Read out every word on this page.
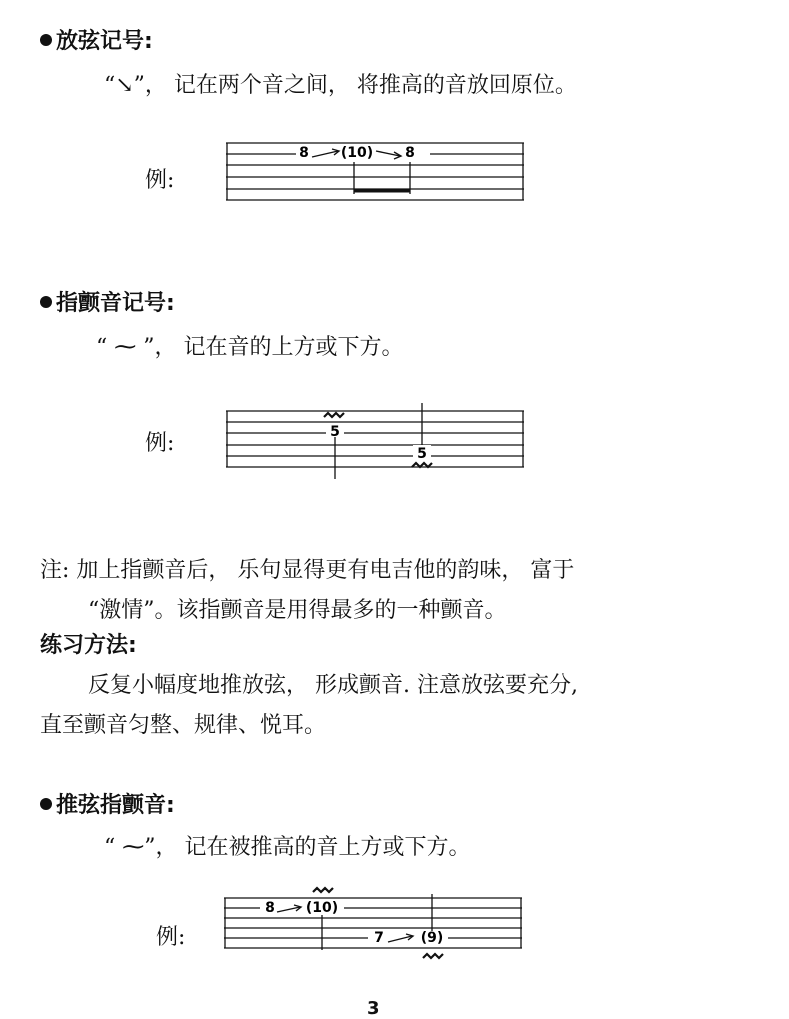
放弦记号:
“↘”， 记在两个音之间， 将推高的音放回原位。
例:
8 (10) 8
指颤音记号:
“ ⁓ ”， 记在音的上方或下方。
例:	5
5
注: 加上指颤音后， 乐句显得更有电吉他的韵味， 富于
“激情”。该指颤音是用得最多的一种颤音。
练习方法:
反复小幅度地推放弦， 形成颤音. 注意放弦要充分,
直至颤音匀整、规律、悦耳。
推弦指颤音:
“ ⁓”， 记在被推高的音上方或下方。
例:
8 (10)
7	(9)
3
